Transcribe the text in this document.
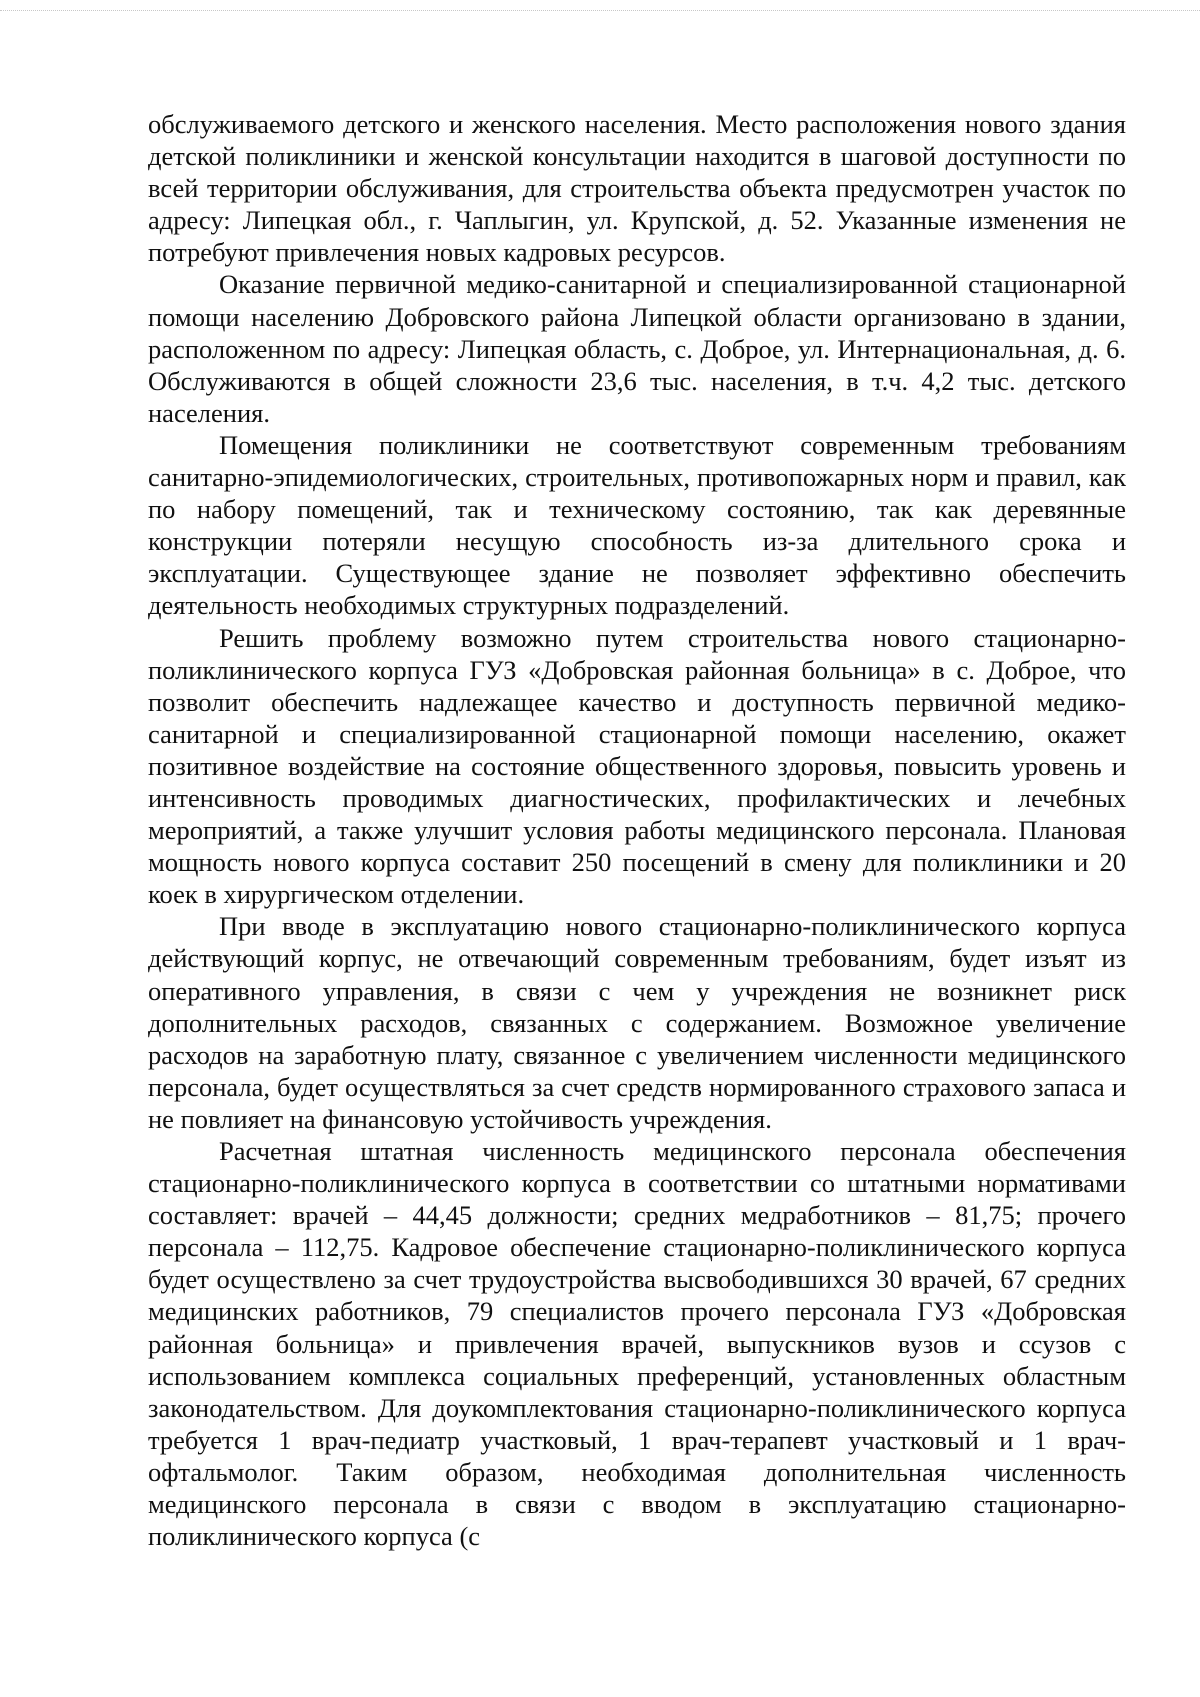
обслуживаемого детского и женского населения. Место расположения нового здания детской поликлиники и женской консультации находится в шаговой доступности по всей территории обслуживания, для строительства объекта предусмотрен участок по адресу: Липецкая обл., г. Чаплыгин, ул. Крупской, д. 52. Указанные изменения не потребуют привлечения новых кадровых ресурсов.

Оказание первичной медико-санитарной и специализированной стационарной помощи населению Добровского района Липецкой области организовано в здании, расположенном по адресу: Липецкая область, с. Доброе, ул. Интернациональная, д. 6. Обслуживаются в общей сложности 23,6 тыс. населения, в т.ч. 4,2 тыс. детского населения.

Помещения поликлиники не соответствуют современным требованиям санитарно-эпидемиологических, строительных, противопожарных норм и правил, как по набору помещений, так и техническому состоянию, так как деревянные конструкции потеряли несущую способность из-за длительного срока и эксплуатации. Существующее здание не позволяет эффективно обеспечить деятельность необходимых структурных подразделений.

Решить проблему возможно путем строительства нового стационарно-поликлинического корпуса ГУЗ «Добровская районная больница» в с. Доброе, что позволит обеспечить надлежащее качество и доступность первичной медико-санитарной и специализированной стационарной помощи населению, окажет позитивное воздействие на состояние общественного здоровья, повысить уровень и интенсивность проводимых диагностических, профилактических и лечебных мероприятий, а также улучшит условия работы медицинского персонала. Плановая мощность нового корпуса составит 250 посещений в смену для поликлиники и 20 коек в хирургическом отделении.

При вводе в эксплуатацию нового стационарно-поликлинического корпуса действующий корпус, не отвечающий современным требованиям, будет изъят из оперативного управления, в связи с чем у учреждения не возникнет риск дополнительных расходов, связанных с содержанием. Возможное увеличение расходов на заработную плату, связанное с увеличением численности медицинского персонала, будет осуществляться за счет средств нормированного страхового запаса и не повлияет на финансовую устойчивость учреждения.

Расчетная штатная численность медицинского персонала обеспечения стационарно-поликлинического корпуса в соответствии со штатными нормативами составляет: врачей – 44,45 должности; средних медработников – 81,75; прочего персонала – 112,75. Кадровое обеспечение стационарно-поликлинического корпуса будет осуществлено за счет трудоустройства высвободившихся 30 врачей, 67 средних медицинских работников, 79 специалистов прочего персонала ГУЗ «Добровская районная больница» и привлечения врачей, выпускников вузов и ссузов с использованием комплекса социальных преференций, установленных областным законодательством. Для доукомплектования стационарно-поликлинического корпуса требуется 1 врач-педиатр участковый, 1 врач-терапевт участковый и 1 врач-офтальмолог. Таким образом, необходимая дополнительная численность медицинского персонала в связи с вводом в эксплуатацию стационарно-поликлинического корпуса (с
